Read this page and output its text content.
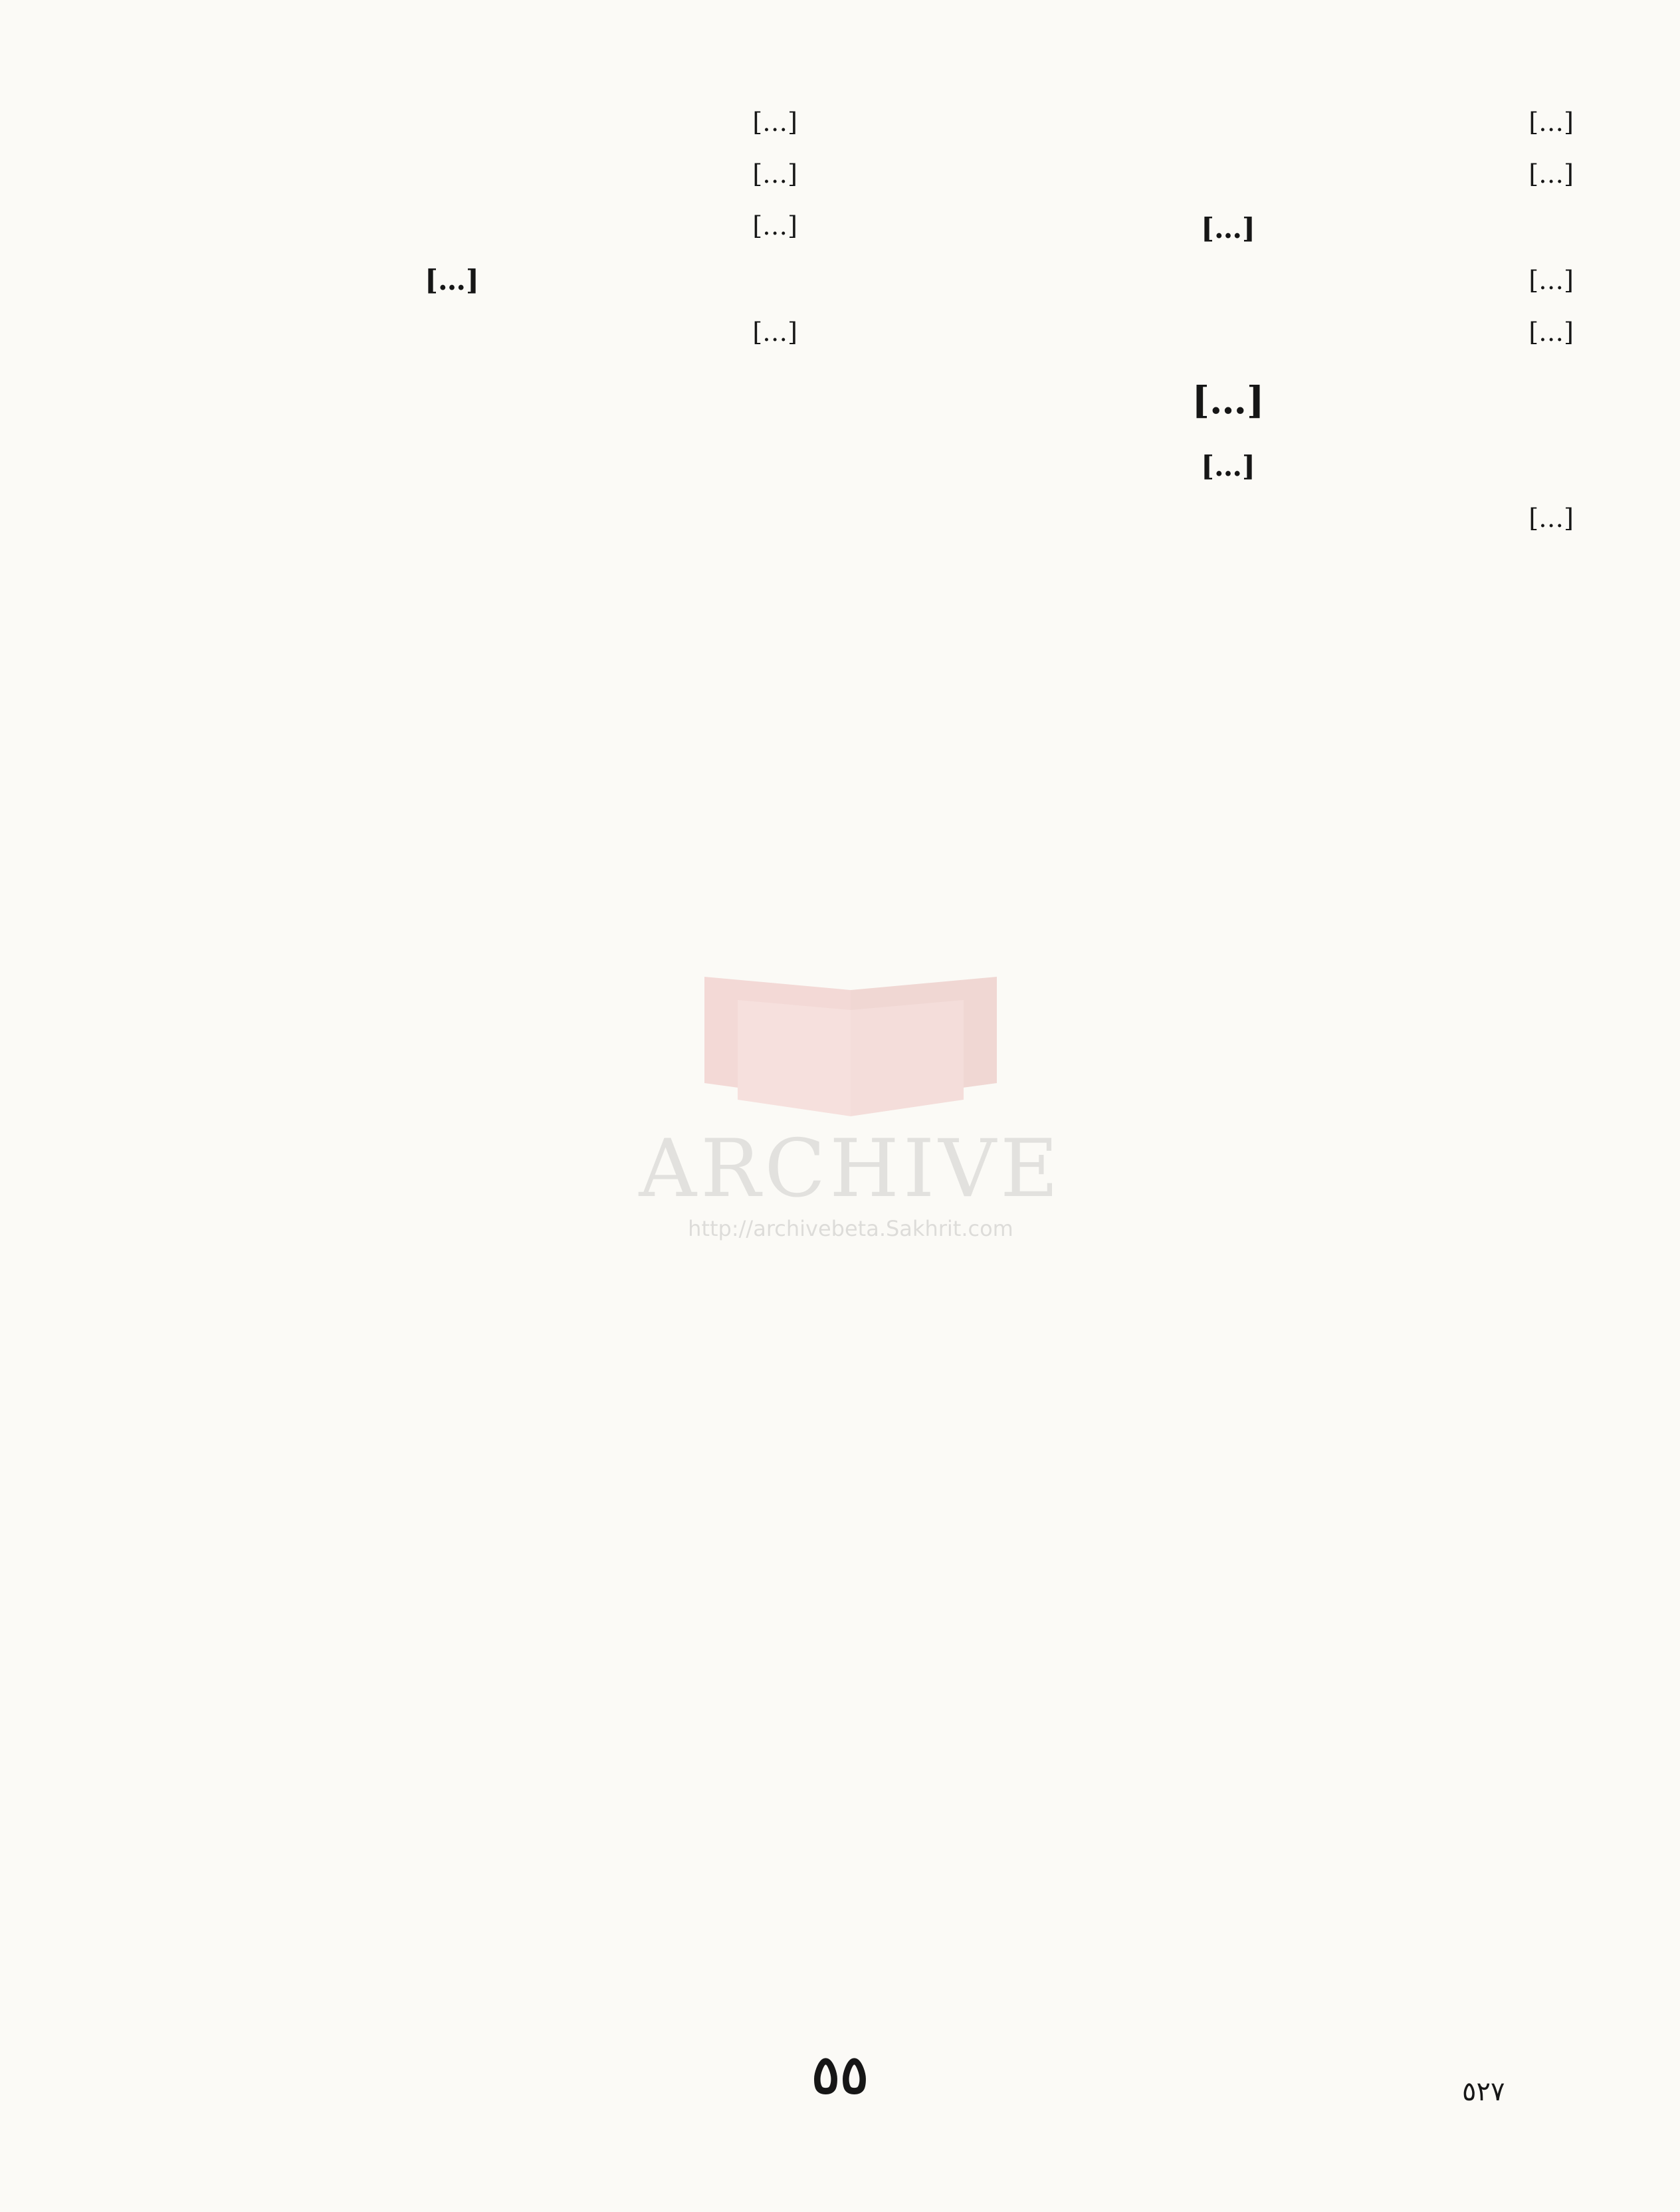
[…]
[…]
[…]
[…]
[…]
[…]
[…]
[…]
[…]
[…]
[…]
[…]
[…]
ARCHIVE
http://archivebeta.Sakhrit.com
٥٥	٥٢٧
